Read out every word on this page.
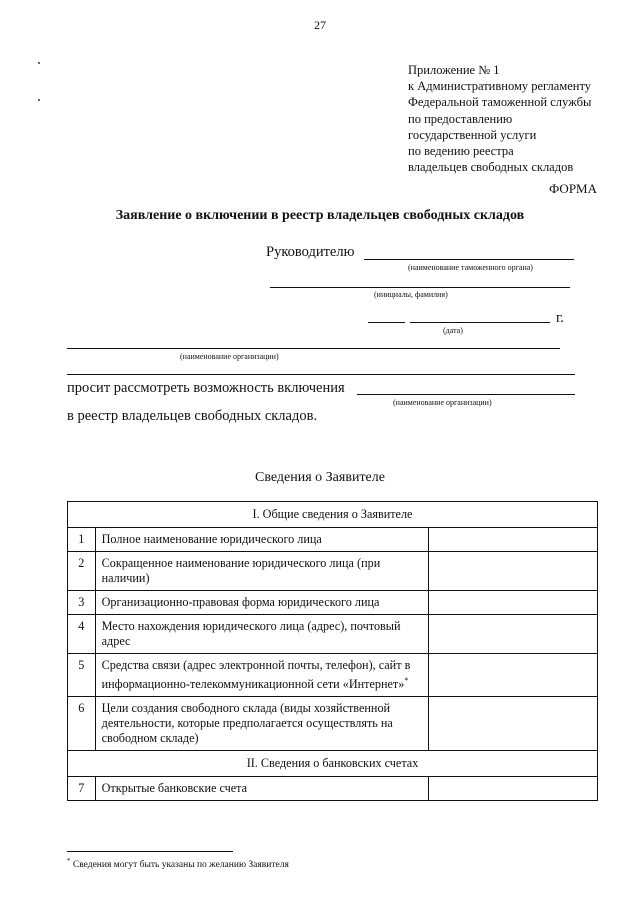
27
Приложение № 1
к Административному регламенту
Федеральной таможенной службы
по предоставлению
государственной услуги
по ведению реестра
владельцев свободных складов
ФОРМА
Заявление о включении в реестр владельцев свободных складов
Руководителю
(наименование таможенного органа)
(инициалы, фамилия)
г.
(дата)
(наименование организации)
просит рассмотреть возможность включения
(наименование организации)
в реестр владельцев свободных складов.
Сведения о Заявителе
I. Общие сведения о Заявителе		
1	Полное наименование юридического лица	
2	Сокращенное наименование юридического лица (при наличии)	
3	Организационно-правовая форма юридического лица	
4	Место нахождения юридического лица (адрес), почтовый адрес	
5	Средства связи (адрес электронной почты, телефон), сайт в информационно-телекоммуникационной сети «Интернет»*	
6	Цели создания свободного склада (виды хозяйственной деятельности, которые предполагается осуществлять на свободном складе)	
II. Сведения о банковских счетах		
7	Открытые банковские счета	
* Сведения могут быть указаны по желанию Заявителя
